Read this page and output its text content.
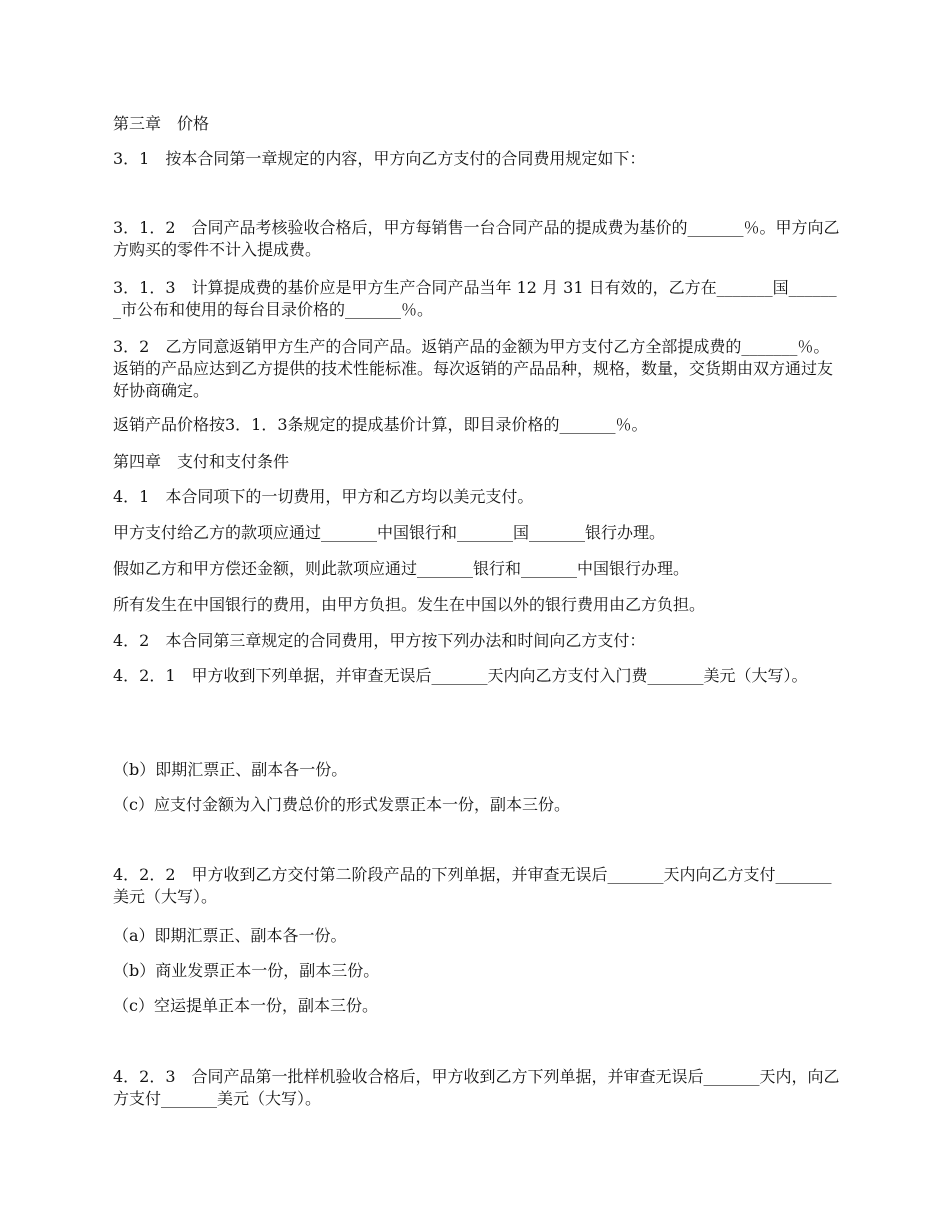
第三章　价格

3．1　按本合同第一章规定的内容，甲方向乙方支付的合同费用规定如下：

3．1．2　合同产品考核验收合格后，甲方每销售一台合同产品的提成费为基价的_______％。甲方向乙方购买的零件不计入提成费。

3．1．3　计算提成费的基价应是甲方生产合同产品当年 12 月 31 日有效的，乙方在_______国_______市公布和使用的每台目录价格的_______％。

3．2　乙方同意返销甲方生产的合同产品。返销产品的金额为甲方支付乙方全部提成费的_______％。返销的产品应达到乙方提供的技术性能标准。每次返销的产品品种，规格，数量，交货期由双方通过友好协商确定。

返销产品价格按3．1．3条规定的提成基价计算，即目录价格的_______％。

第四章　支付和支付条件

4．1　本合同项下的一切费用，甲方和乙方均以美元支付。

甲方支付给乙方的款项应通过_______中国银行和_______国_______银行办理。

假如乙方和甲方偿还金额，则此款项应通过_______银行和_______中国银行办理。

所有发生在中国银行的费用，由甲方负担。发生在中国以外的银行费用由乙方负担。

4．2　本合同第三章规定的合同费用，甲方按下列办法和时间向乙方支付：

4．2．1　甲方收到下列单据，并审查无误后_______天内向乙方支付入门费_______美元（大写）。

（b）即期汇票正、副本各一份。

（c）应支付金额为入门费总价的形式发票正本一份，副本三份。

4．2．2　甲方收到乙方交付第二阶段产品的下列单据，并审查无误后_______天内向乙方支付_______美元（大写）。

（a）即期汇票正、副本各一份。

（b）商业发票正本一份，副本三份。

（c）空运提单正本一份，副本三份。

4．2．3　合同产品第一批样机验收合格后，甲方收到乙方下列单据，并审查无误后_______天内，向乙方支付_______美元（大写）。
